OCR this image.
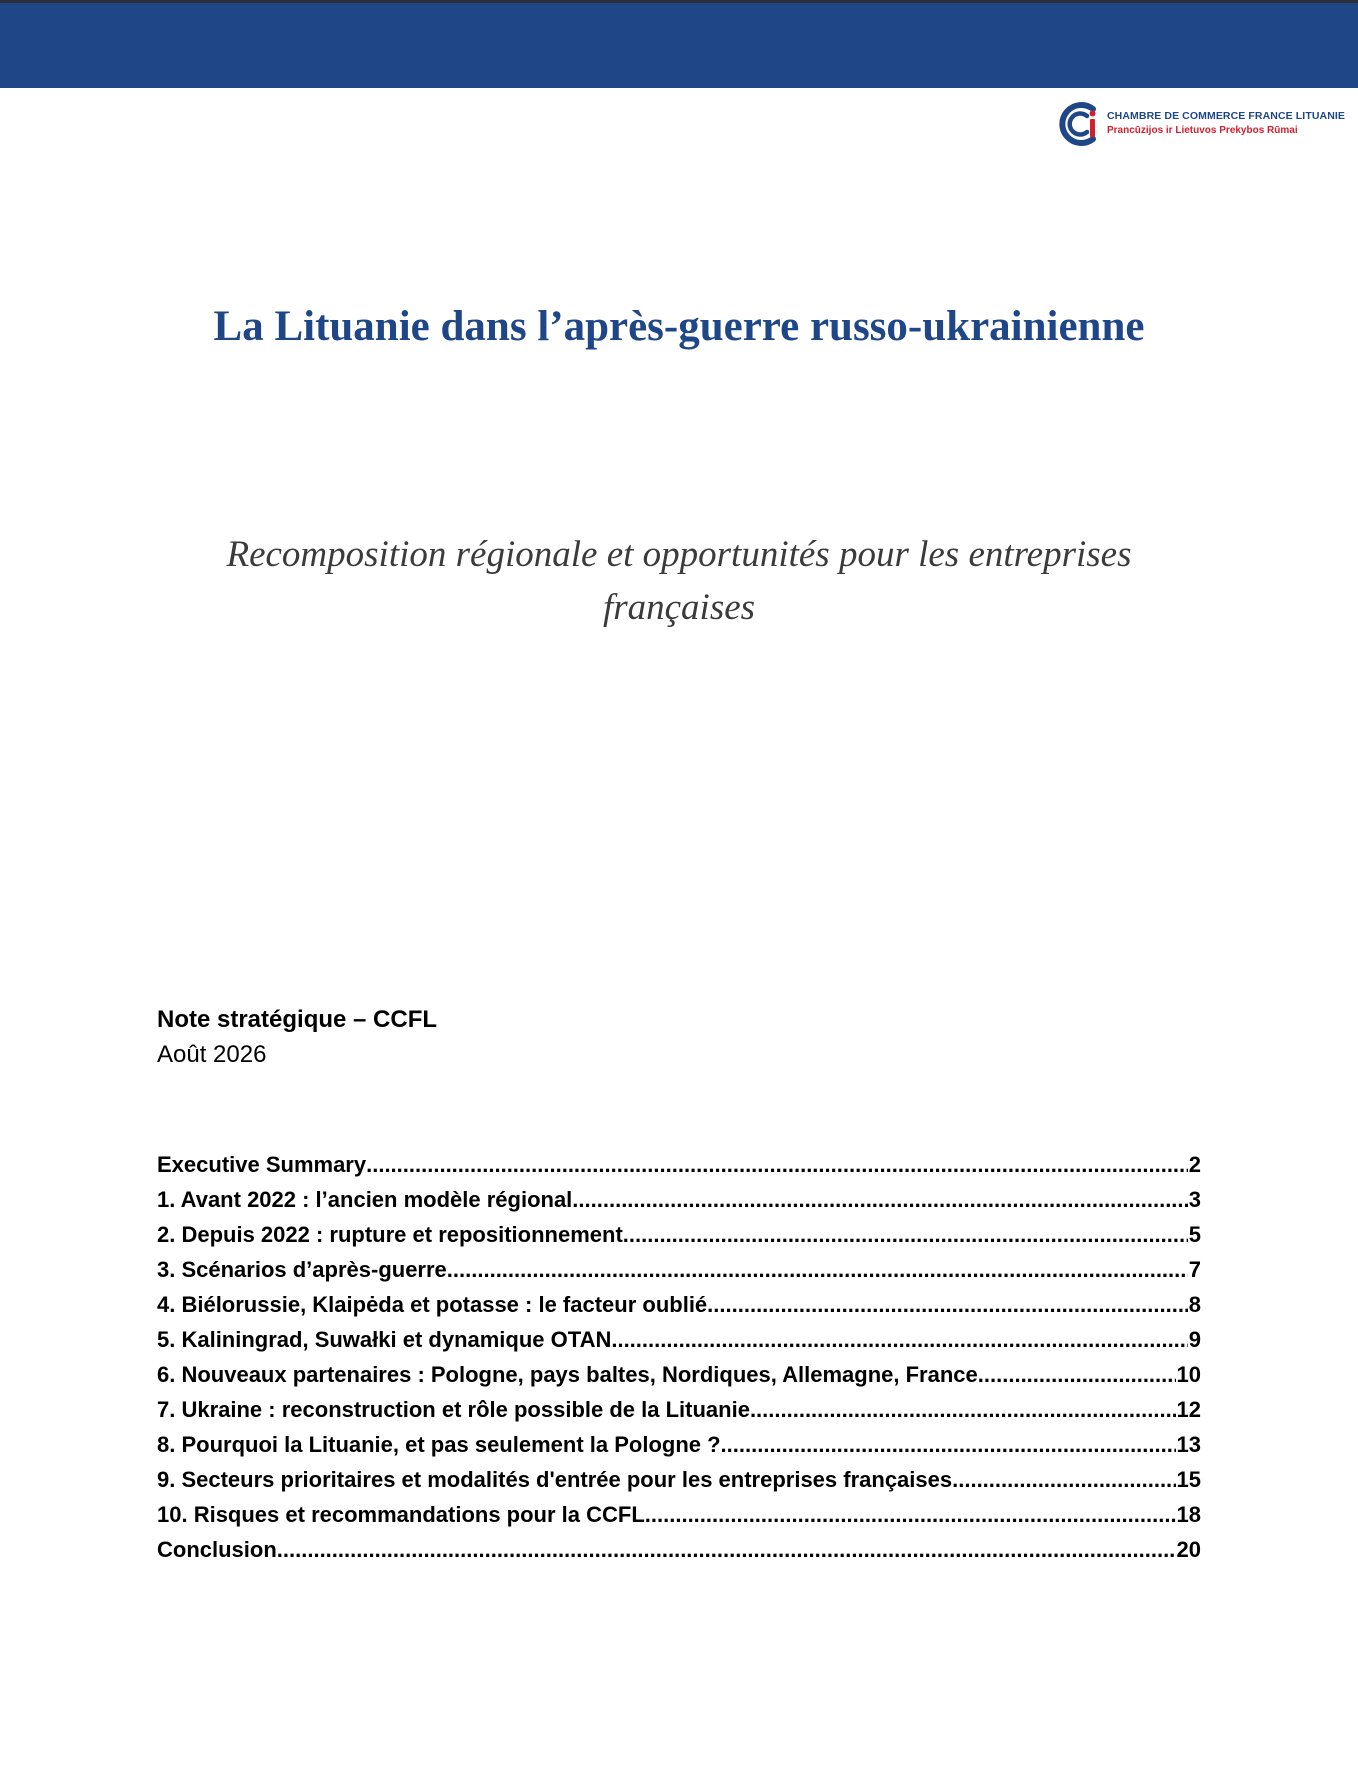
CHAMBRE DE COMMERCE FRANCE LITUANIE
Prancūzijos ir Lietuvos Prekybos Rūmai
La Lituanie dans l’après-guerre russo-ukrainienne
Recomposition régionale et opportunités pour les entreprises françaises
Note stratégique – CCFL
Août 2026
Executive Summary .....	2
1. Avant 2022 : l’ancien modèle régional .....	3
2. Depuis 2022 : rupture et repositionnement .....	5
3. Scénarios d’après-guerre .....	7
4. Biélorussie, Klaipėda et potasse : le facteur oublié .....	8
5. Kaliningrad, Suwałki et dynamique OTAN .....	9
6. Nouveaux partenaires : Pologne, pays baltes, Nordiques, Allemagne, France .....	10
7. Ukraine : reconstruction et rôle possible de la Lituanie .....	12
8. Pourquoi la Lituanie, et pas seulement la Pologne ? .....	13
9. Secteurs prioritaires et modalités d'entrée pour les entreprises françaises .....	15
10. Risques et recommandations pour la CCFL .....	18
Conclusion .....	20
